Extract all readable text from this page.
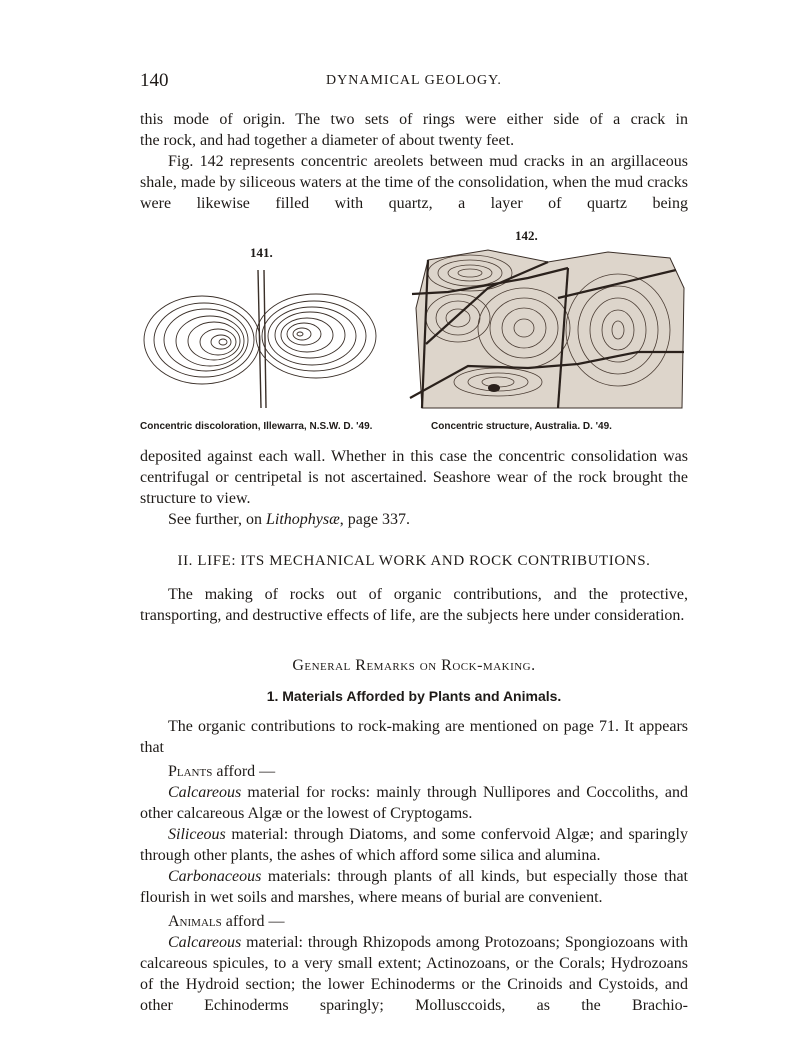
140	DYNAMICAL GEOLOGY.

this mode of origin. The two sets of rings were either side of a crack in

the rock, and had together a diameter of about twenty feet.

Fig. 142 represents concentric areolets between mud cracks in an argillaceous shale, made by siliceous waters at the time of the consolidation, when the mud cracks were likewise filled with quartz, a layer of quartz being

141.
Concentric discoloration, Illewarra, N.S.W. D. '49.
142.
Concentric structure, Australia. D. '49.

deposited against each wall. Whether in this case the concentric consolidation was centrifugal or centripetal is not ascertained. Seashore wear of the rock brought the structure to view.

See further, on Lithophysæ, page 337.

II. LIFE: ITS MECHANICAL WORK AND ROCK CONTRIBUTIONS.

The making of rocks out of organic contributions, and the protective, transporting, and destructive effects of life, are the subjects here under consideration.

General Remarks on Rock-making.
1. Materials Afforded by Plants and Animals.

The organic contributions to rock-making are mentioned on page 71. It appears that

Plants afford —

Calcareous material for rocks: mainly through Nullipores and Coccoliths, and other calcareous Algæ or the lowest of Cryptogams.

Siliceous material: through Diatoms, and some confervoid Algæ; and sparingly through other plants, the ashes of which afford some silica and alumina.

Carbonaceous materials: through plants of all kinds, but especially those that flourish in wet soils and marshes, where means of burial are convenient.

Animals afford —

Calcareous material: through Rhizopods among Protozoans; Spongiozoans with calcareous spicules, to a very small extent; Actinozoans, or the Corals; Hydrozoans of the Hydroid section; the lower Echinoderms or the Crinoids and Cystoids, and other Echinoderms sparingly; Mollusccoids, as the Brachio-
